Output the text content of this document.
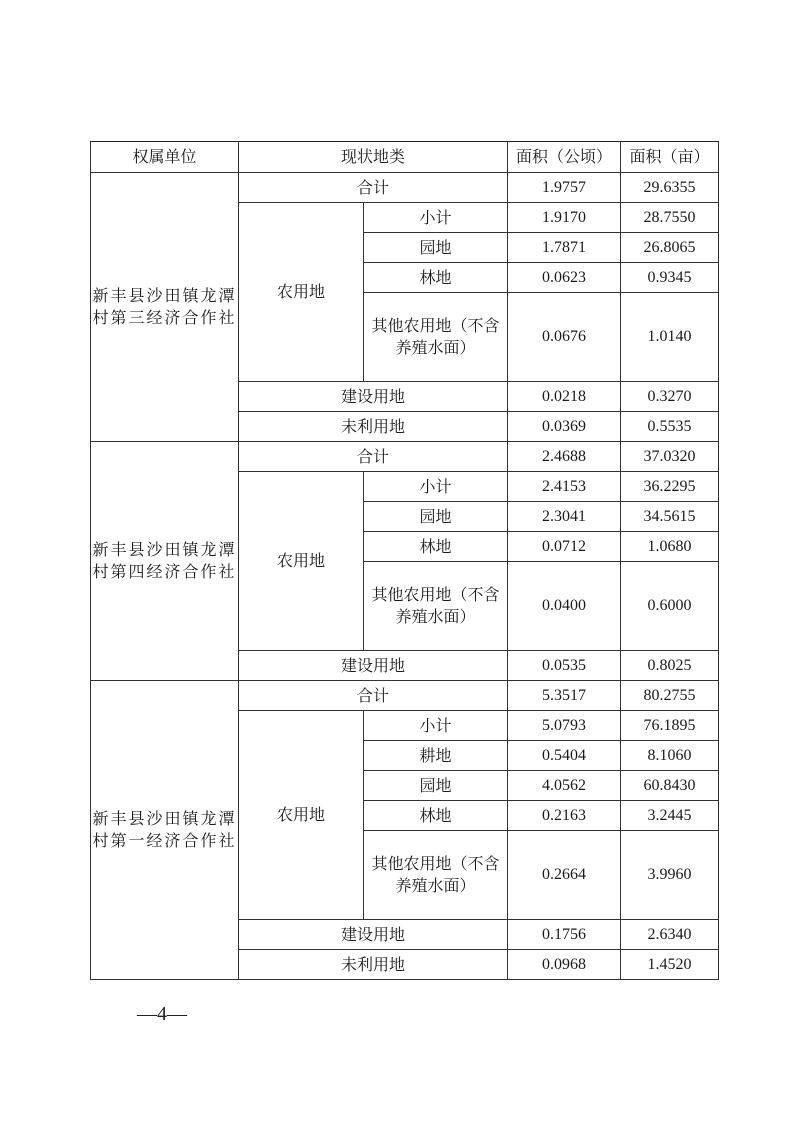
权属单位	现状地类		面积（公顷）	面积（亩）
新丰县沙田镇龙潭村第三经济合作社	合计		1.9757	29.6355
	农用地	小计	1.9170	28.7550
		园地	1.7871	26.8065
		林地	0.0623	0.9345
		其他农用地（不含养殖水面）	0.0676	1.0140
	建设用地		0.0218	0.3270
	未利用地		0.0369	0.5535
新丰县沙田镇龙潭村第四经济合作社	合计		2.4688	37.0320
	农用地	小计	2.4153	36.2295
		园地	2.3041	34.5615
		林地	0.0712	1.0680
		其他农用地（不含养殖水面）	0.0400	0.6000
	建设用地		0.0535	0.8025
新丰县沙田镇龙潭村第一经济合作社	合计		5.3517	80.2755
	农用地	小计	5.0793	76.1895
		耕地	0.5404	8.1060
		园地	4.0562	60.8430
		林地	0.2163	3.2445
		其他农用地（不含养殖水面）	0.2664	3.9960
	建设用地		0.1756	2.6340
	未利用地		0.0968	1.4520
—4—
